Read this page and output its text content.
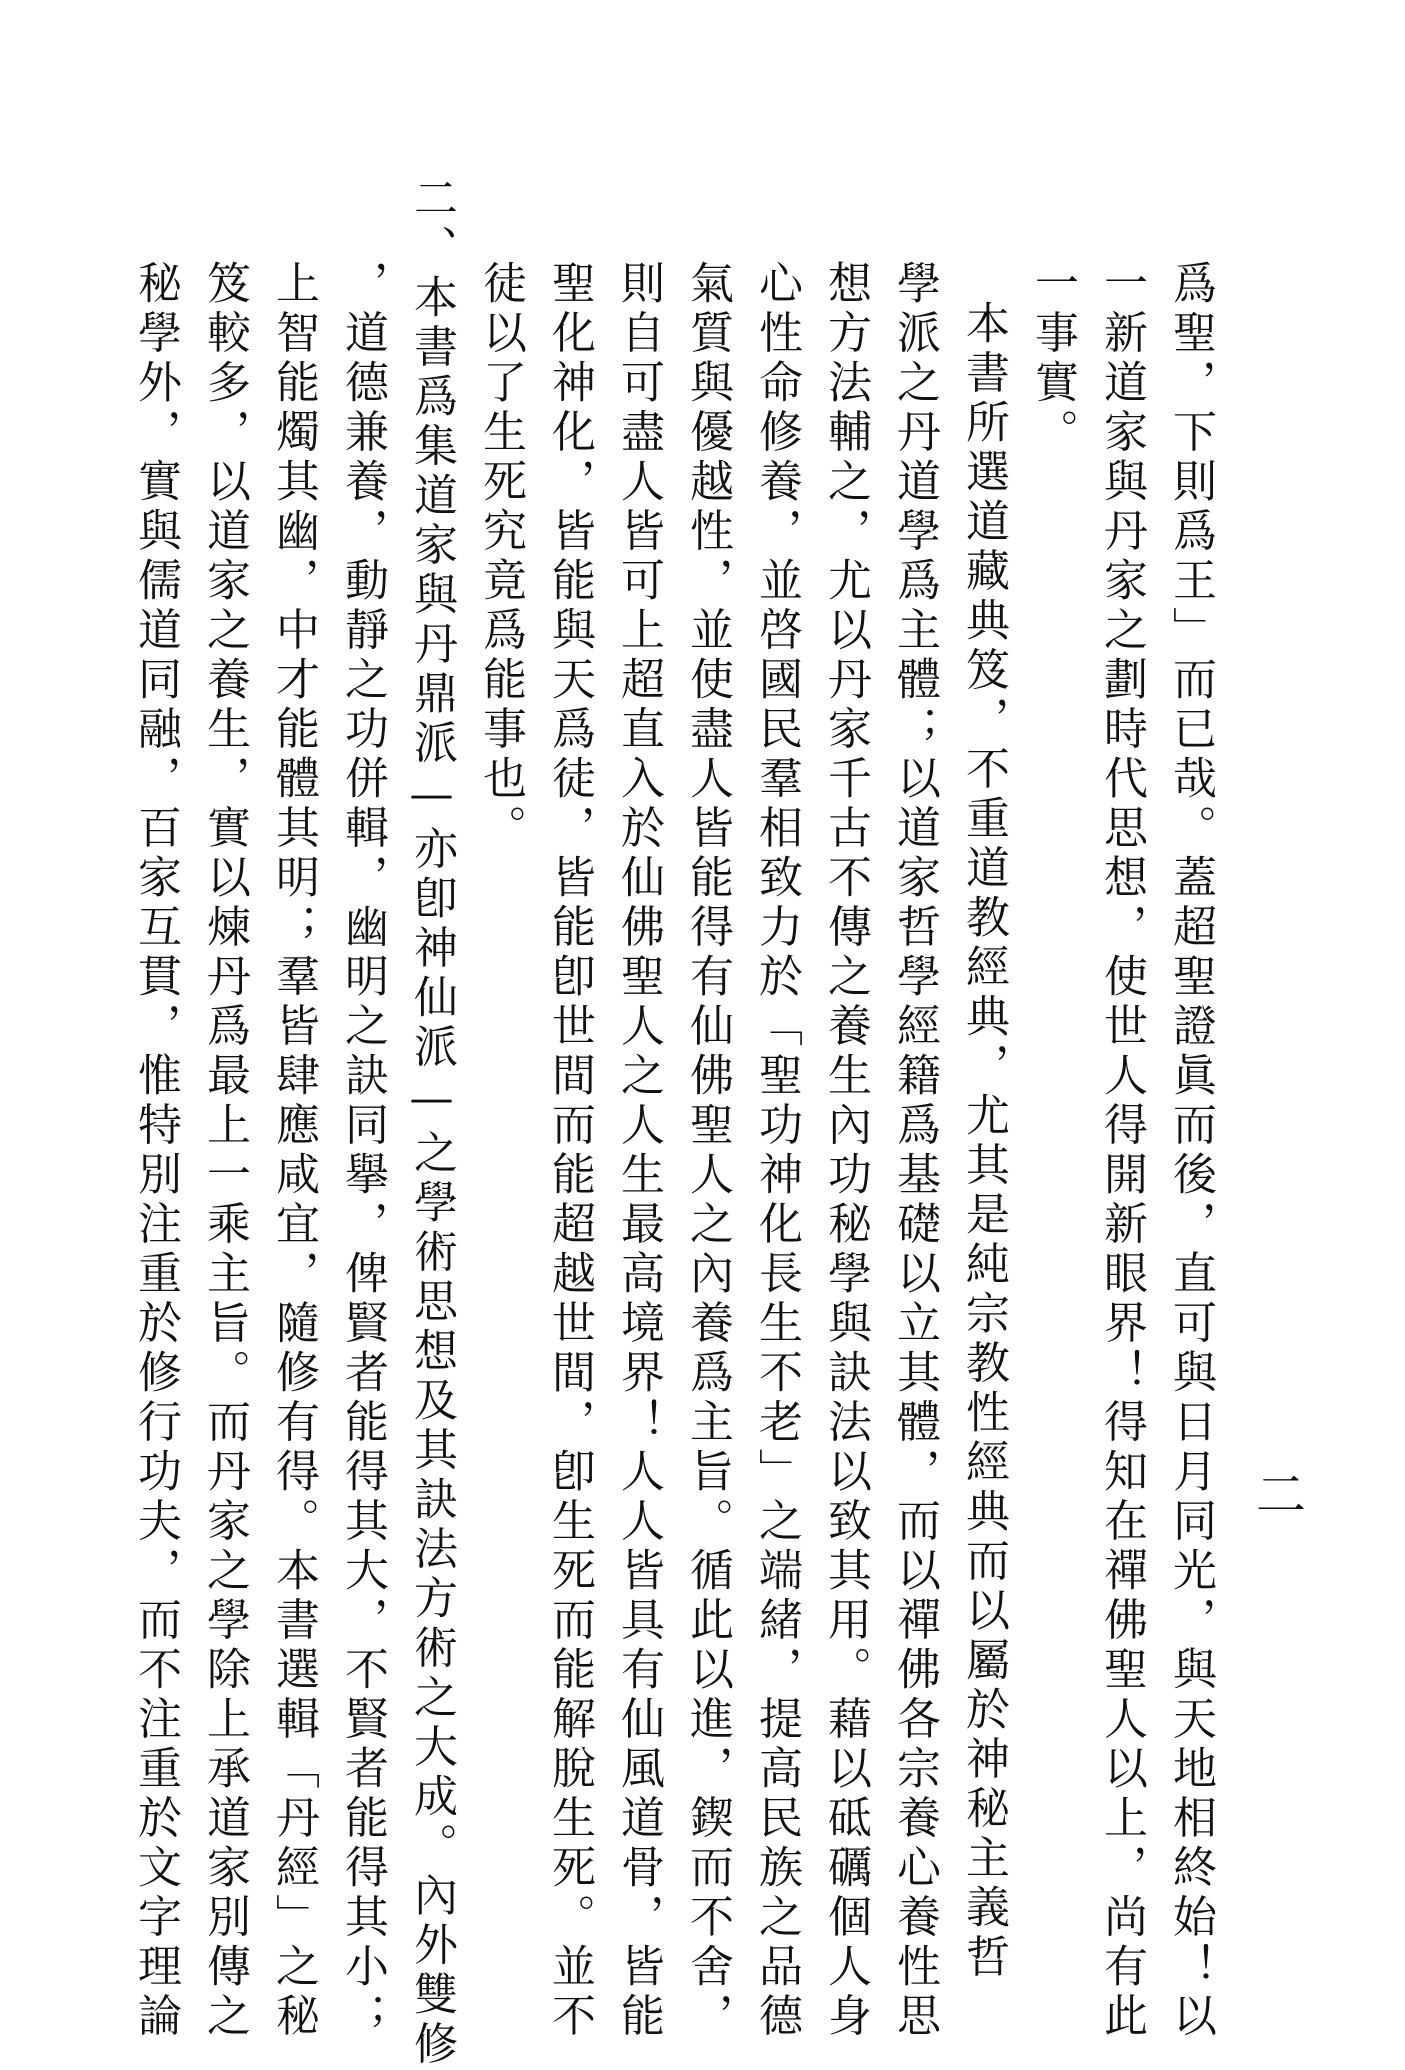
二
爲聖，下則爲王」而已哉。蓋超聖證眞而後，直可與日月同光，與天地相終始！以
一新道家與丹家之劃時代思想，使世人得開新眼界！得知在禪佛聖人以上，尚有此
一事實。
本書所選道藏典笈，不重道教經典，尤其是純宗教性經典而以屬於神秘主義哲
學派之丹道學爲主體；以道家哲學經籍爲基礎以立其體，而以禪佛各宗養心養性思
想方法輔之，尤以丹家千古不傳之養生內功秘學與訣法以致其用。藉以砥礪個人身
心性命修養，並啓國民羣相致力於「聖功神化長生不老」之端緒，提高民族之品德
氣質與優越性，並使盡人皆能得有仙佛聖人之內養爲主旨。循此以進，鍥而不舍，
則自可盡人皆可上超直入於仙佛聖人之人生最高境界！人人皆具有仙風道骨，皆能
聖化神化，皆能與天爲徒，皆能卽世間而能超越世間，卽生死而能解脫生死。並不
徒以了生死究竟爲能事也。
二、本書爲集道家與丹鼎派—亦卽神仙派—之學術思想及其訣法方術之大成。內外雙修
，道德兼養，動靜之功併輯，幽明之訣同擧，俾賢者能得其大，不賢者能得其小；
上智能燭其幽，中才能體其明；羣皆肆應咸宜，隨修有得。本書選輯「丹經」之秘
笈較多，以道家之養生，實以煉丹爲最上一乘主旨。而丹家之學除上承道家別傳之
秘學外，實與儒道同融，百家互貫，惟特別注重於修行功夫，而不注重於文字理論
